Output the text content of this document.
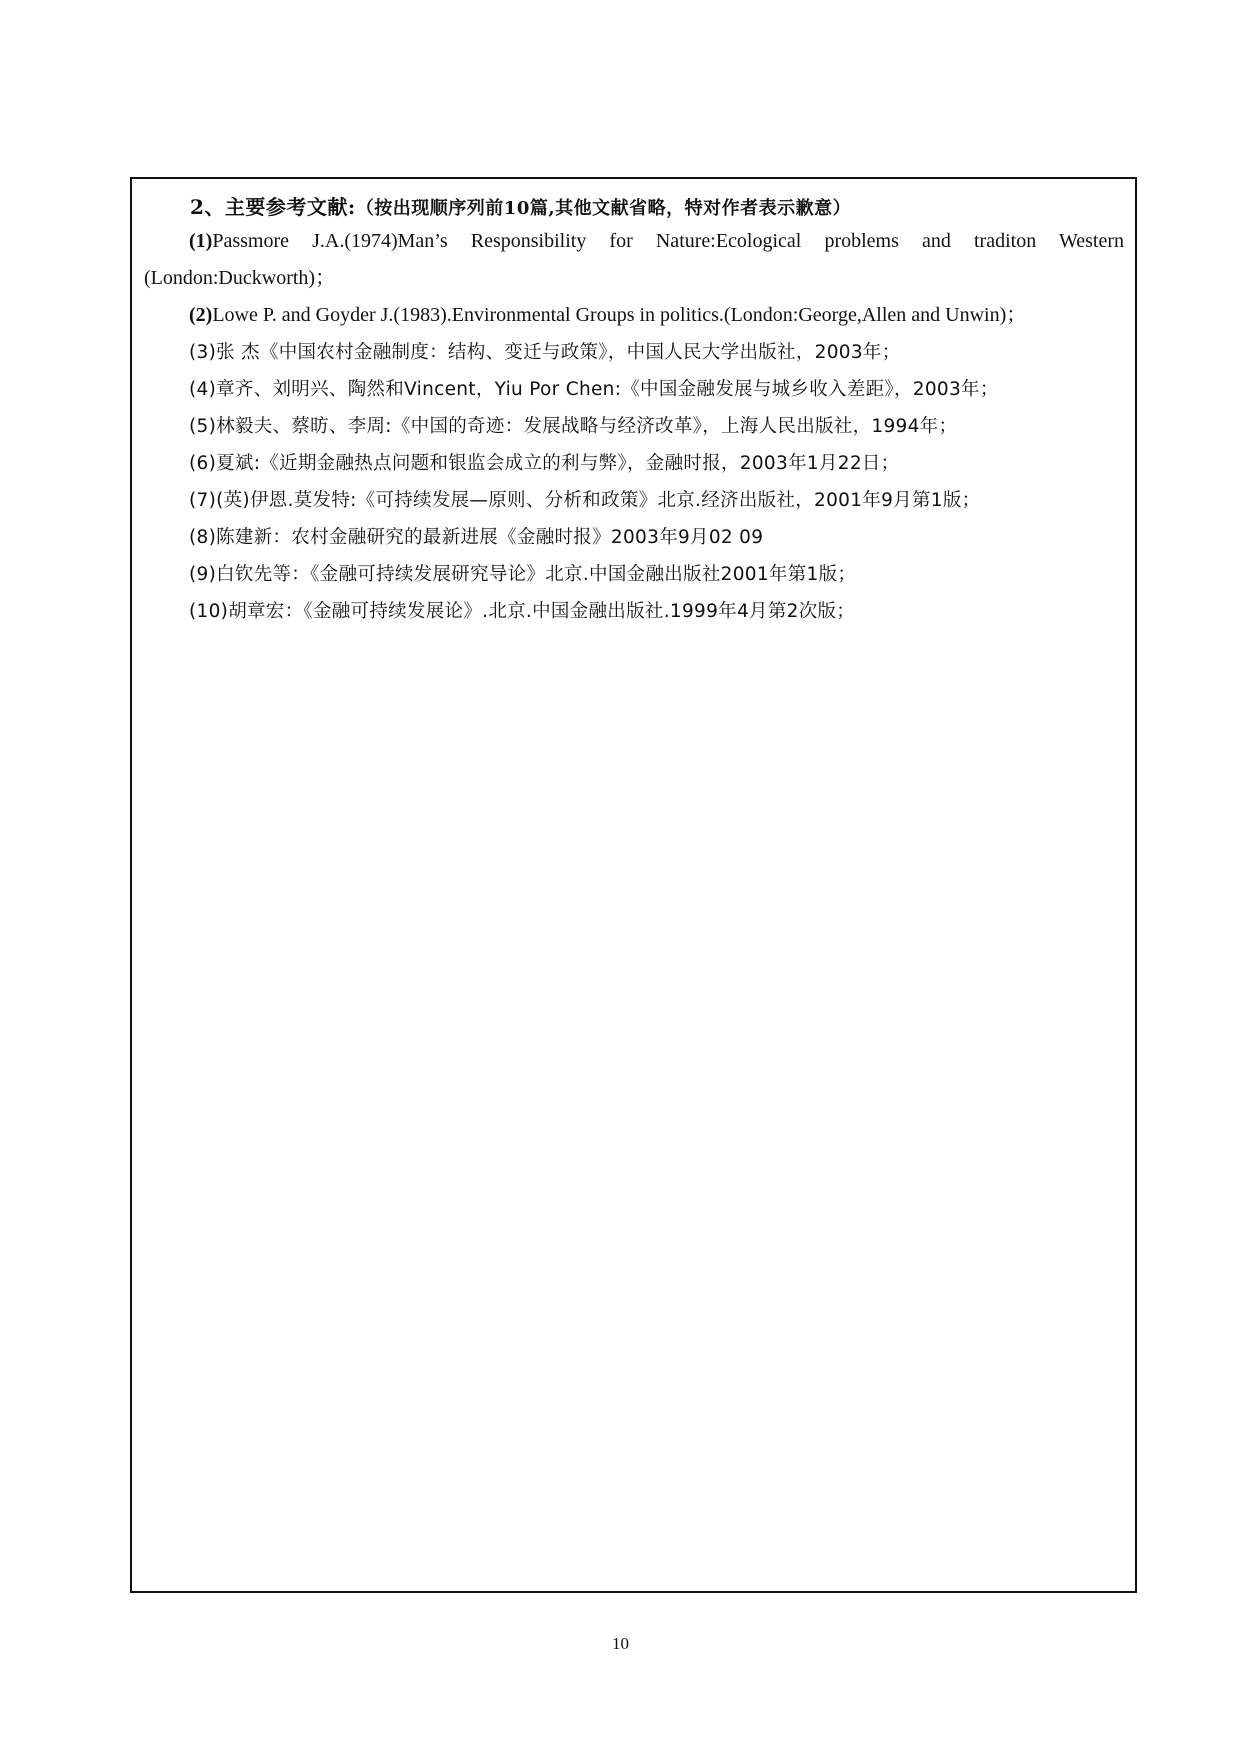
2、主要参考文献:（按出现顺序列前10篇,其他文献省略，特对作者表示歉意）
(1)Passmore J.A.(1974)Man’s Responsibility for Nature:Ecological problems and traditon Western (London:Duckworth)；
(2)Lowe P. and Goyder J.(1983).Environmental Groups in politics.(London:George,Allen and Unwin)；
(3)张 杰《中国农村金融制度：结构、变迁与政策》，中国人民大学出版社，2003年；
(4)章齐、刘明兴、陶然和Vincent，Yiu Por Chen:《中国金融发展与城乡收入差距》，2003年；
(5)林毅夫、蔡昉、李周:《中国的奇迹：发展战略与经济改革》，上海人民出版社，1994年；
(6)夏斌:《近期金融热点问题和银监会成立的利与弊》，金融时报，2003年1月22日；
(7)(英)伊恩.莫发特:《可持续发展—原则、分析和政策》北京.经济出版社，2001年9月第1版；
(8)陈建新：农村金融研究的最新进展《金融时报》2003年9月02 09
(9)白钦先等：《金融可持续发展研究导论》北京.中国金融出版社2001年第1版；
(10)胡章宏：《金融可持续发展论》.北京.中国金融出版社.1999年4月第2次版；
10
